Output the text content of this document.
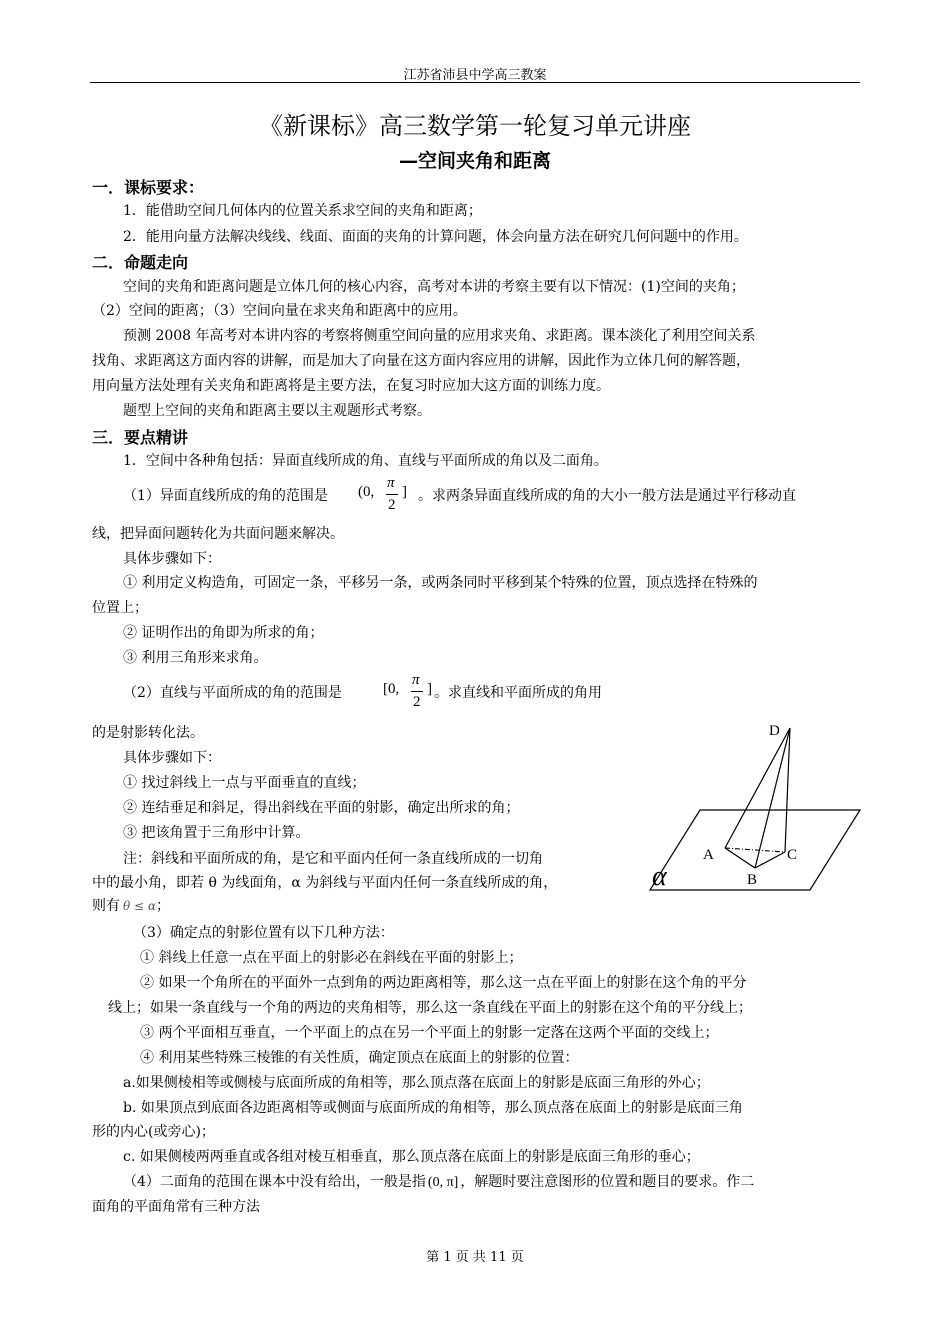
江苏省沛县中学高三教案
《新课标》高三数学第一轮复习单元讲座
—空间夹角和距离
一．课标要求：
1．能借助空间几何体内的位置关系求空间的夹角和距离；
2．能用向量方法解决线线、线面、面面的夹角的计算问题，体会向量方法在研究几何问题中的作用。
二．命题走向
空间的夹角和距离问题是立体几何的核心内容，高考对本讲的考察主要有以下情况：(1)空间的夹角；
（2）空间的距离；（3）空间向量在求夹角和距离中的应用。
预测 2008 年高考对本讲内容的考察将侧重空间向量的应用求夹角、求距离。课本淡化了利用空间关系
找角、求距离这方面内容的讲解，而是加大了向量在这方面内容应用的讲解，因此作为立体几何的解答题，
用向量方法处理有关夹角和距离将是主要方法，在复习时应加大这方面的训练力度。
题型上空间的夹角和距离主要以主观题形式考察。
三．要点精讲
1．空间中各种角包括：异面直线所成的角、直线与平面所成的角以及二面角。
（1）异面直线所成的角的范围是 (0,
π
2
] 。求两条异面直线所成的角的大小一般方法是通过平行移动直
线，把异面问题转化为共面问题来解决。
具体步骤如下：
① 利用定义构造角，可固定一条，平移另一条，或两条同时平移到某个特殊的位置，顶点选择在特殊的
位置上；
② 证明作出的角即为所求的角；
③ 利用三角形来求角。
（2）直线与平面所成的角的范围是	[0,
π
2
] 。求直线和平面所成的角用
的是射影转化法。
具体步骤如下：
① 找过斜线上一点与平面垂直的直线；
② 连结垂足和斜足，得出斜线在平面的射影，确定出所求的角；
③ 把该角置于三角形中计算。
注：斜线和平面所成的角，是它和平面内任何一条直线所成的一切角
中的最小角，即若 θ 为线面角，α 为斜线与平面内任何一条直线所成的角，
则有 θ ≤ α；
D
A
B
C
α
（3）确定点的射影位置有以下几种方法：
① 斜线上任意一点在平面上的射影必在斜线在平面的射影上；
② 如果一个角所在的平面外一点到角的两边距离相等，那么这一点在平面上的射影在这个角的平分
线上；如果一条直线与一个角的两边的夹角相等，那么这一条直线在平面上的射影在这个角的平分线上；
③ 两个平面相互垂直，一个平面上的点在另一个平面上的射影一定落在这两个平面的交线上；
④ 利用某些特殊三棱锥的有关性质，确定顶点在底面上的射影的位置：
a.如果侧棱相等或侧棱与底面所成的角相等，那么顶点落在底面上的射影是底面三角形的外心；
b. 如果顶点到底面各边距离相等或侧面与底面所成的角相等，那么顶点落在底面上的射影是底面三角
形的内心(或旁心)；
c. 如果侧棱两两垂直或各组对棱互相垂直，那么顶点落在底面上的射影是底面三角形的垂心；
（4）二面角的范围在课本中没有给出，一般是指 (0, π] ，解题时要注意图形的位置和题目的要求。作二
面角的平面角常有三种方法
第 1 页 共 11 页
